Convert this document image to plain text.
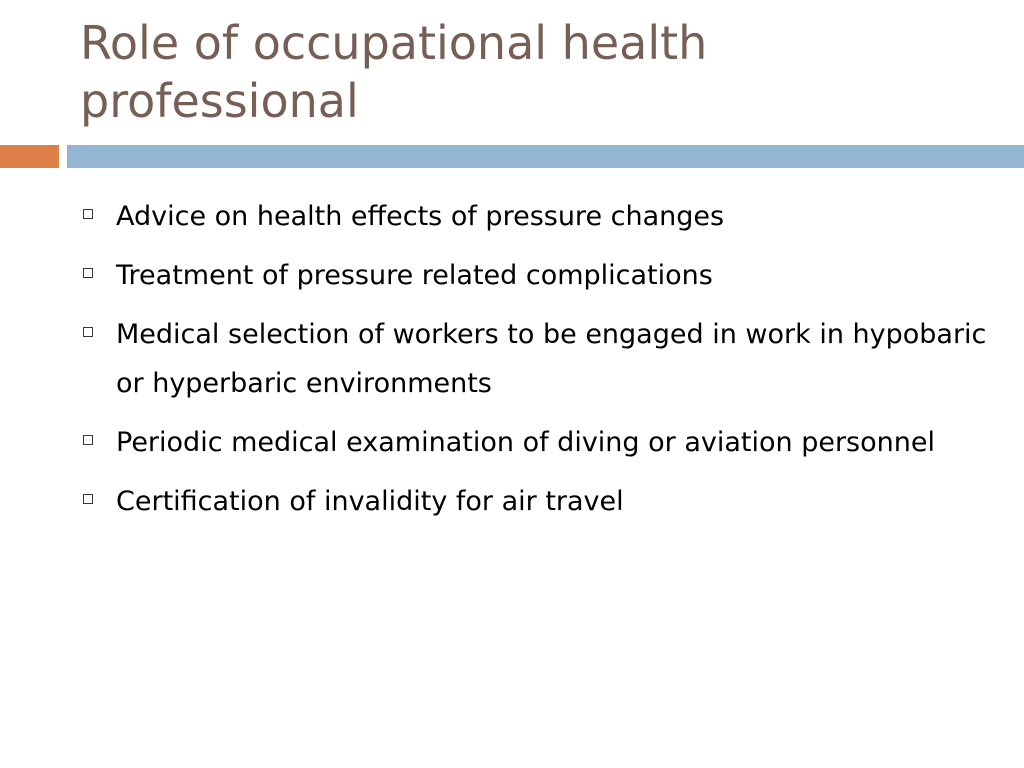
Role of occupational health professional
Advice on health effects of pressure changes
Treatment of pressure related complications
Medical selection of workers to be engaged in work in hypobaric or hyperbaric environments
Periodic medical examination of diving or aviation personnel
Certification of invalidity for air travel
